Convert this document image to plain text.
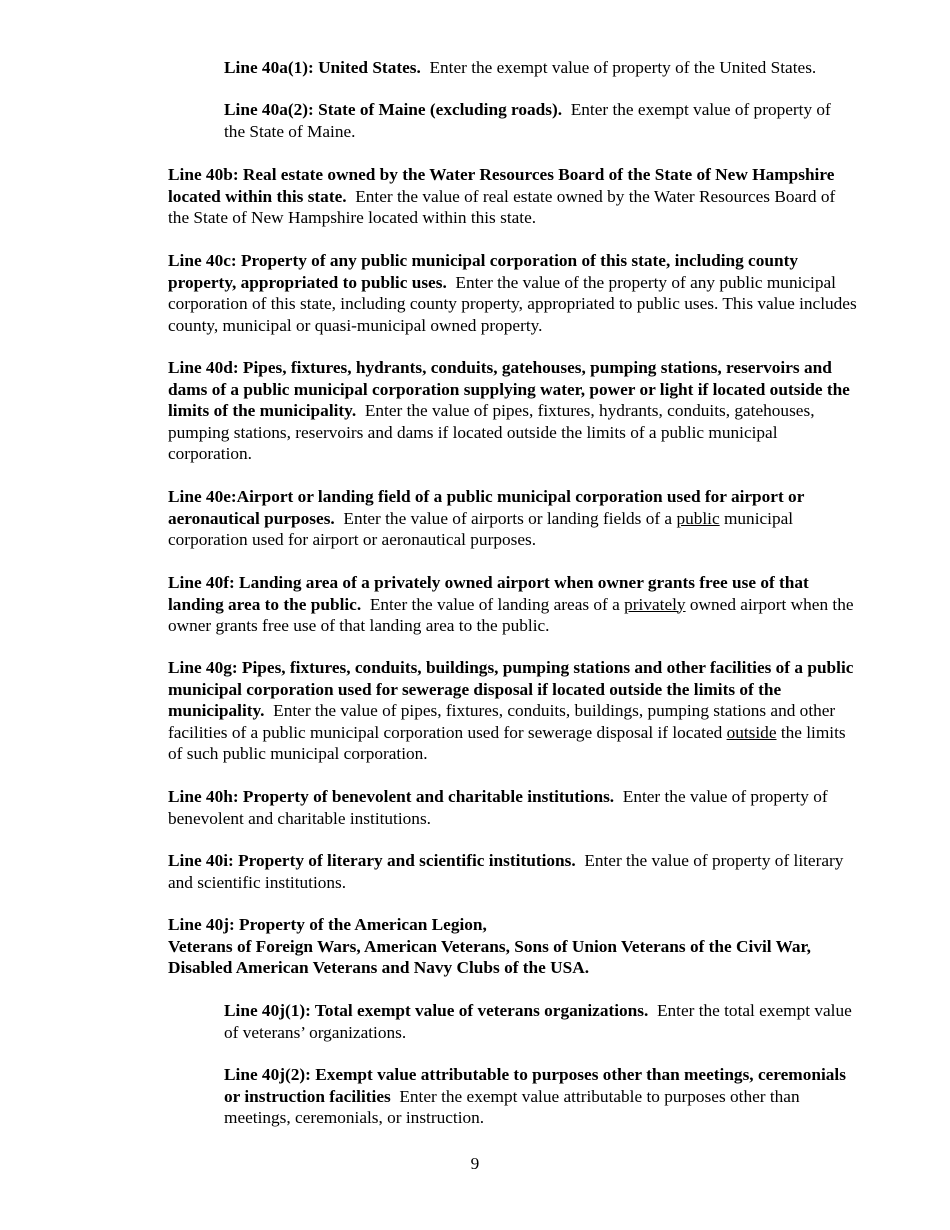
Line 40a(1): United States. Enter the exempt value of property of the United States.

Line 40a(2): State of Maine (excluding roads). Enter the exempt value of property of the State of Maine.

Line 40b: Real estate owned by the Water Resources Board of the State of New Hampshire located within this state. Enter the value of real estate owned by the Water Resources Board of the State of New Hampshire located within this state.

Line 40c: Property of any public municipal corporation of this state, including county property, appropriated to public uses. Enter the value of the property of any public municipal corporation of this state, including county property, appropriated to public uses. This value includes county, municipal or quasi-municipal owned property.

Line 40d: Pipes, fixtures, hydrants, conduits, gatehouses, pumping stations, reservoirs and dams of a public municipal corporation supplying water, power or light if located outside the limits of the municipality. Enter the value of pipes, fixtures, hydrants, conduits, gatehouses, pumping stations, reservoirs and dams if located outside the limits of a public municipal corporation.

Line 40e:Airport or landing field of a public municipal corporation used for airport or aeronautical purposes. Enter the value of airports or landing fields of a public municipal corporation used for airport or aeronautical purposes.

Line 40f: Landing area of a privately owned airport when owner grants free use of that landing area to the public. Enter the value of landing areas of a privately owned airport when the owner grants free use of that landing area to the public.

Line 40g: Pipes, fixtures, conduits, buildings, pumping stations and other facilities of a public municipal corporation used for sewerage disposal if located outside the limits of the municipality. Enter the value of pipes, fixtures, conduits, buildings, pumping stations and other facilities of a public municipal corporation used for sewerage disposal if located outside the limits of such public municipal corporation.

Line 40h: Property of benevolent and charitable institutions. Enter the value of property of benevolent and charitable institutions.

Line 40i: Property of literary and scientific institutions. Enter the value of property of literary and scientific institutions.

Line 40j: Property of the American Legion,
Veterans of Foreign Wars, American Veterans, Sons of Union Veterans of the Civil War, Disabled American Veterans and Navy Clubs of the USA.

Line 40j(1): Total exempt value of veterans organizations. Enter the total exempt value of veterans’ organizations.

Line 40j(2): Exempt value attributable to purposes other than meetings, ceremonials or instruction facilities Enter the exempt value attributable to purposes other than meetings, ceremonials, or instruction.

9
